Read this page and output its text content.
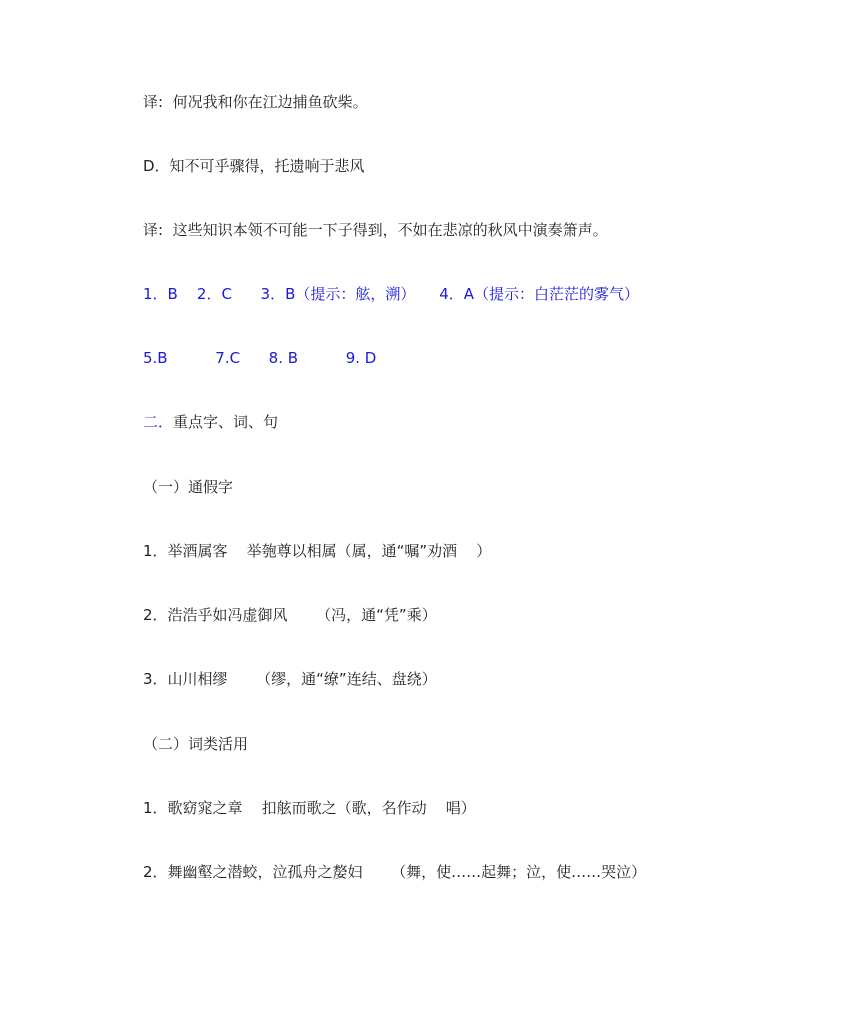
译:  何况我和你在江边捕鱼砍柴。
D．知不可乎骤得，托遗响于悲风
译:  这些知识本领不可能一下子得到，不如在悲凉的秋风中演奏箫声。
1．B    2．C      3．B（提示：舷，溯）     4．A（提示：白茫茫的雾气）
5.B          7.C      8. B          9. D
二．重点字、词、句
（一）通假字
1．举酒属客    举匏尊以相属（属，通“嘱”劝酒    ）
2．浩浩乎如冯虚御风      （冯，通“凭”乘）
3．山川相缪      （缪，通“缭”连结、盘绕）
（二）词类活用
1．歌窈窕之章    扣舷而歌之（歌，名作动    唱）
2．舞幽壑之潜蛟，泣孤舟之嫠妇      （舞，使……起舞；泣，使……哭泣）
